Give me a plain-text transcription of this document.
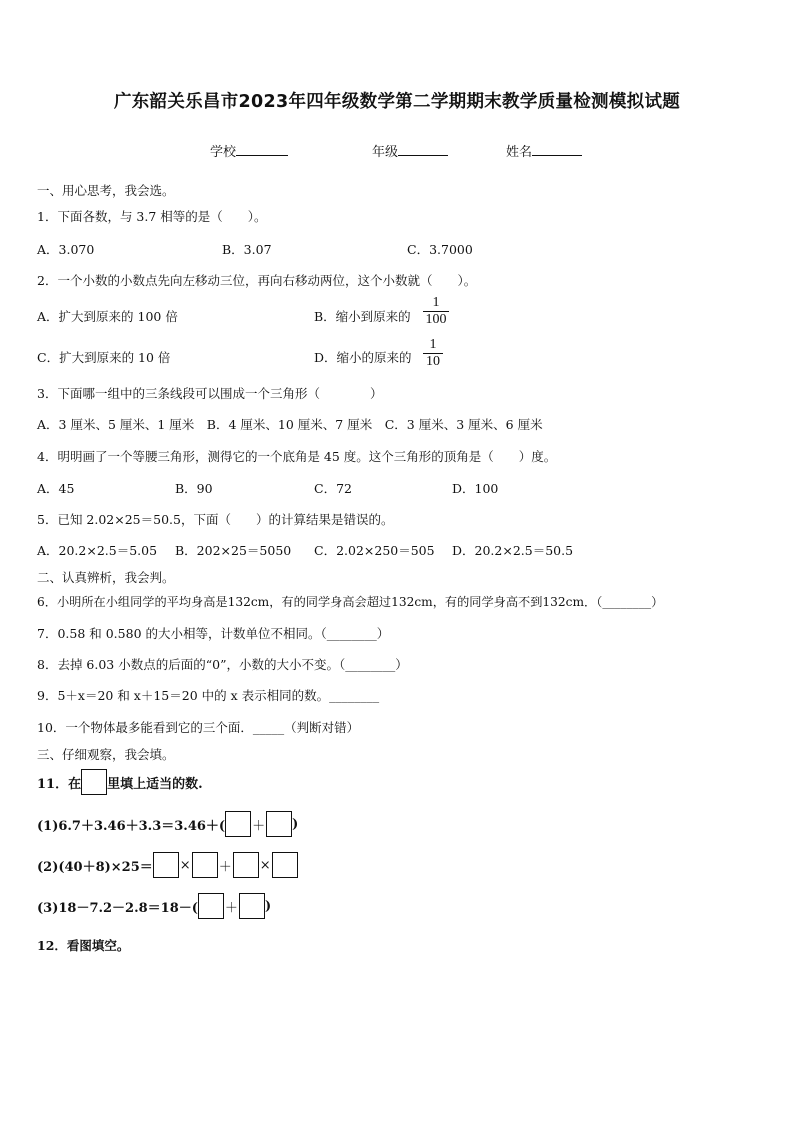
广东韶关乐昌市2023年四年级数学第二学期期末教学质量检测模拟试题
学校	年级	姓名
一、用心思考，我会选。
1．下面各数，与 3.7 相等的是（　　）。
A．3.070	B．3.07	C．3.7000
2．一个小数的小数点先向左移动三位，再向右移动两位，这个小数就（　　）。
A．扩大到原来的 100 倍	B．缩小到原来的
1
100
C．扩大到原来的 10 倍	D．缩小的原来的
1
10
3．下面哪一组中的三条线段可以围成一个三角形（　　　　）
A．3 厘米、5 厘米、1 厘米　B．4 厘米、10 厘米、7 厘米　C．3 厘米、3 厘米、6 厘米
4．明明画了一个等腰三角形，测得它的一个底角是 45 度。这个三角形的顶角是（　　）度。
A．45	B．90	C．72	D．100
5．已知 2.02×25＝50.5，下面（　　）的计算结果是错误的。
A．20.2×2.5＝5.05 B．202×25＝5050 C．2.02×250＝505 D．20.2×2.5＝50.5
二、认真辨析，我会判。
6．小明所在小组同学的平均身高是132cm，有的同学身高会超过132cm，有的同学身高不到132cm．（________）
7．0.58 和 0.580 的大小相等，计数单位不相同。（________）
8．去掉 6.03 小数点的后面的“0”，小数的大小不变。（________）
9．5＋x＝20 和 x＋15＝20 中的 x 表示相同的数。________
10．一个物体最多能看到它的三个面．_____（判断对错）
三、仔细观察，我会填。
11．在 里填上适当的数.
(1)6.7＋3.46＋3.3＝3.46＋( ＋ )
(2)(40＋8)×25＝ × ＋ ×
(3)18－7.2－2.8＝18－( ＋ )
12．看图填空。
